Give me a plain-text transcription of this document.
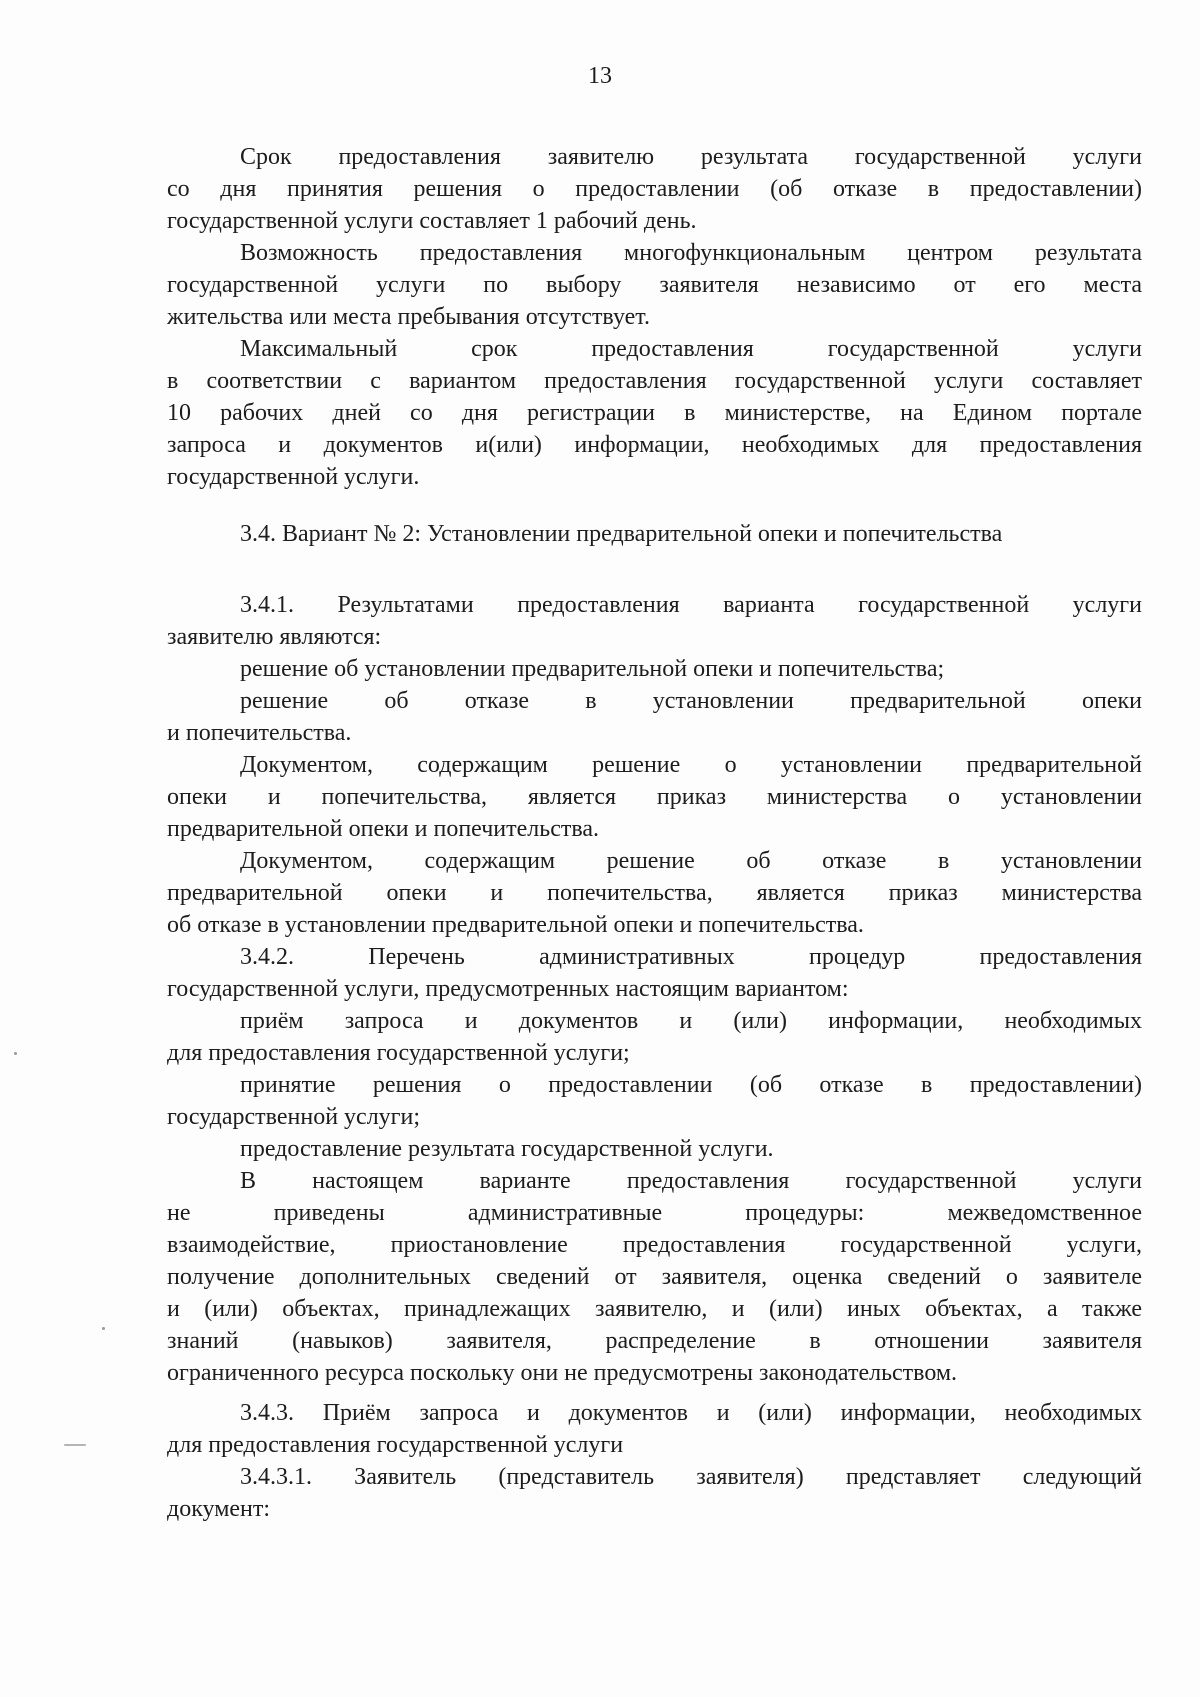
13
3.4. Вариант № 2: Установлении предварительной опеки и попечительства
Срок предоставления заявителю результата государственной услуги
со дня принятия решения о предоставлении (об отказе в предоставлении)
государственной услуги составляет 1 рабочий день.
Возможность предоставления многофункциональным центром результата
государственной услуги по выбору заявителя независимо от его места
жительства или места пребывания отсутствует.
Максимальный срок предоставления государственной услуги
в соответствии с вариантом предоставления государственной услуги составляет
10 рабочих дней со дня регистрации в министерстве, на Едином портале
запроса и документов и(или) информации, необходимых для предоставления
государственной услуги.
3.4.1. Результатами предоставления варианта государственной услуги
заявителю являются:
решение об установлении предварительной опеки и попечительства;
решение об отказе в установлении предварительной опеки
и попечительства.
Документом, содержащим решение о установлении предварительной
опеки и попечительства, является приказ министерства о установлении
предварительной опеки и попечительства.
Документом, содержащим решение об отказе в установлении
предварительной опеки и попечительства, является приказ министерства
об отказе в установлении предварительной опеки и попечительства.
3.4.2. Перечень административных процедур предоставления
государственной услуги, предусмотренных настоящим вариантом:
приём запроса и документов и (или) информации, необходимых
для предоставления государственной услуги;
принятие решения о предоставлении (об отказе в предоставлении)
государственной услуги;
предоставление результата государственной услуги.
В настоящем варианте предоставления государственной услуги
не приведены административные процедуры: межведомственное
взаимодействие, приостановление предоставления государственной услуги,
получение дополнительных сведений от заявителя, оценка сведений о заявителе
и (или) объектах, принадлежащих заявителю, и (или) иных объектах, а также
знаний (навыков) заявителя, распределение в отношении заявителя
ограниченного ресурса поскольку они не предусмотрены законодательством.
3.4.3. Приём запроса и документов и (или) информации, необходимых
для предоставления государственной услуги
3.4.3.1. Заявитель (представитель заявителя) представляет следующий
документ:
